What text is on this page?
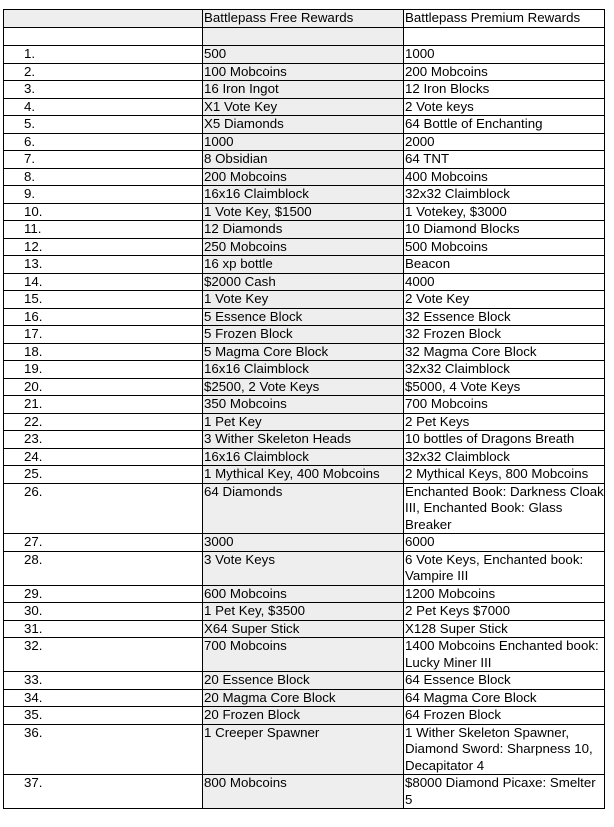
	Battlepass Free Rewards	Battlepass Premium Rewards

1.	500	1000
2.	100 Mobcoins	200 Mobcoins
3.	16 Iron Ingot	12 Iron Blocks
4.	X1 Vote Key	2 Vote keys
5.	X5 Diamonds	64 Bottle of Enchanting
6.	1000	2000
7.	8 Obsidian	64 TNT
8.	200 Mobcoins	400 Mobcoins
9.	16x16 Claimblock	32x32 Claimblock
10.	1 Vote Key, $1500	1 Votekey, $3000
11.	12 Diamonds	10 Diamond Blocks
12.	250 Mobcoins	500 Mobcoins
13.	16 xp bottle	Beacon
14.	$2000 Cash	4000
15.	1 Vote Key	2 Vote Key
16.	5 Essence Block	32 Essence Block
17.	5 Frozen Block	32 Frozen Block
18.	5 Magma Core Block	32 Magma Core Block
19.	16x16 Claimblock	32x32 Claimblock
20.	$2500, 2 Vote Keys	$5000, 4 Vote Keys
21.	350 Mobcoins	700 Mobcoins
22.	1 Pet Key	2 Pet Keys
23.	3 Wither Skeleton Heads	10 bottles of Dragons Breath
24.	16x16 Claimblock	32x32 Claimblock
25.	1 Mythical Key, 400 Mobcoins	2 Mythical Keys, 800 Mobcoins
26.	64 Diamonds	Enchanted Book: Darkness Cloak III, Enchanted Book: Glass Breaker
27.	3000	6000
28.	3 Vote Keys	6 Vote Keys, Enchanted book: Vampire III
29.	600 Mobcoins	1200 Mobcoins
30.	1 Pet Key, $3500	2 Pet Keys $7000
31.	X64 Super Stick	X128 Super Stick
32.	700 Mobcoins	1400 Mobcoins Enchanted book: Lucky Miner III
33.	20 Essence Block	64 Essence Block
34.	20 Magma Core Block	64 Magma Core Block
35.	20 Frozen Block	64 Frozen Block
36.	1 Creeper Spawner	1 Wither Skeleton Spawner, Diamond Sword: Sharpness 10, Decapitator 4
37.	800 Mobcoins	$8000 Diamond Picaxe: Smelter 5
